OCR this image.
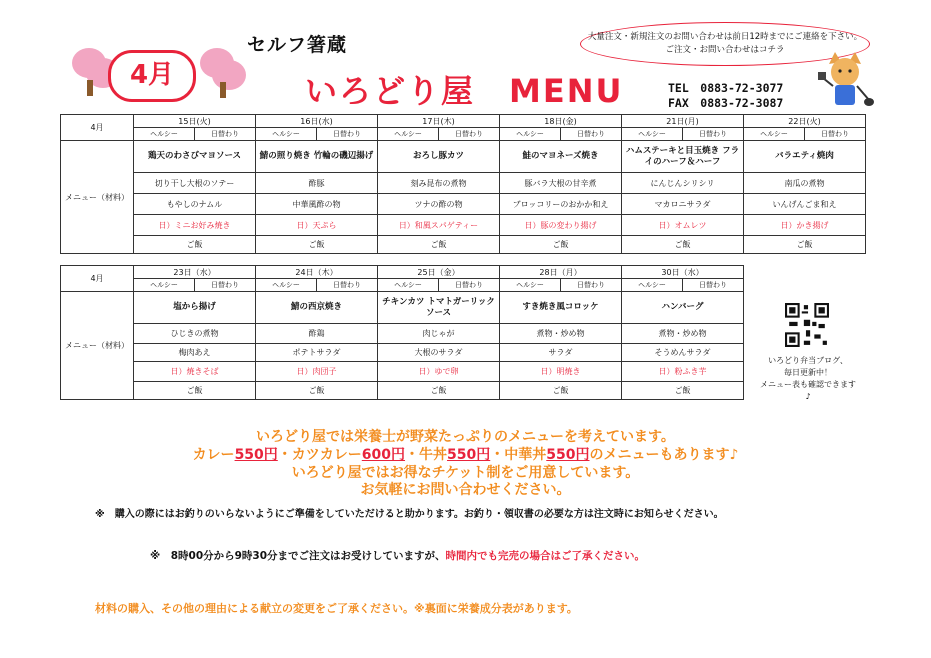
4月
セルフ箸蔵
いろどり屋　MENU
大量注文・新規注文のお問い合わせは前日12時までにご連絡を下さい。
ご注文・お問い合わせはコチラ
TEL　0883-72-3077
FAX　0883-72-3087
4月	15日(火)		16日(水)		17日(木)		18日(金)		21日(月)		22日(火)	
	ヘルシー	日替わり	ヘルシー	日替わり	ヘルシー	日替わり	ヘルシー	日替わり	ヘルシー	日替わり	ヘルシー	日替わり
メニュー（材料）	鶏天のわさびマヨソース		鯖の照り焼き 竹輪の磯辺揚げ		おろし豚カツ		鮭のマヨネーズ焼き		ハムステーキと目玉焼き フライのハーフ＆ハーフ		バラエティ焼肉	
	切り干し大根のソテー		酢豚		刻み昆布の煮物		豚バラ大根の甘辛煮		にんじんシリシリ		南瓜の煮物	
	もやしのナムル		中華風酢の物		ツナの酢の物		ブロッコリーのおかか和え		マカロニサラダ		いんげんごま和え	
	日）ミニお好み焼き		日）天ぷら		日）和風スパゲティー		日）豚の変わり揚げ		日）オムレツ		日）かき揚げ	
	ご飯		ご飯		ご飯		ご飯		ご飯		ご飯	
4月	23日（水）		24日（木）		25日（金）		28日（月）		30日（水）	
	ヘルシー	日替わり	ヘルシー	日替わり	ヘルシー	日替わり	ヘルシー	日替わり	ヘルシー	日替わり
メニュー（材料）	塩から揚げ		鯖の西京焼き		チキンカツ トマトガーリックソース		すき焼き風コロッケ		ハンバーグ	
	ひじきの煮物		酢鶏		肉じゃが		煮物・炒め物		煮物・炒め物	
	梅肉あえ		ポテトサラダ		大根のサラダ		サラダ		そうめんサラダ	
	日）焼きそば		日）肉団子		日）ゆで卵		日）明焼き		日）粉ふき芋	
	ご飯		ご飯		ご飯		ご飯		ご飯	
いろどり弁当ブログ、
毎日更新中！
メニュー表も確認できます♪
いろどり屋では栄養士が野菜たっぷりのメニューを考えています。
カレー550円・カツカレー600円・牛丼550円・中華丼550円のメニューもあります♪
いろどり屋ではお得なチケット制をご用意しています。
お気軽にお問い合わせください。
※　購入の際にはお釣りのいらないようにご準備をしていただけると助かります。お釣り・領収書の必要な方は注文時にお知らせください。
※　8時00分から9時30分までご注文はお受けしていますが、時間内でも完売の場合はご了承ください。
材料の購入、その他の理由による献立の変更をご了承ください。※裏面に栄養成分表があります。
